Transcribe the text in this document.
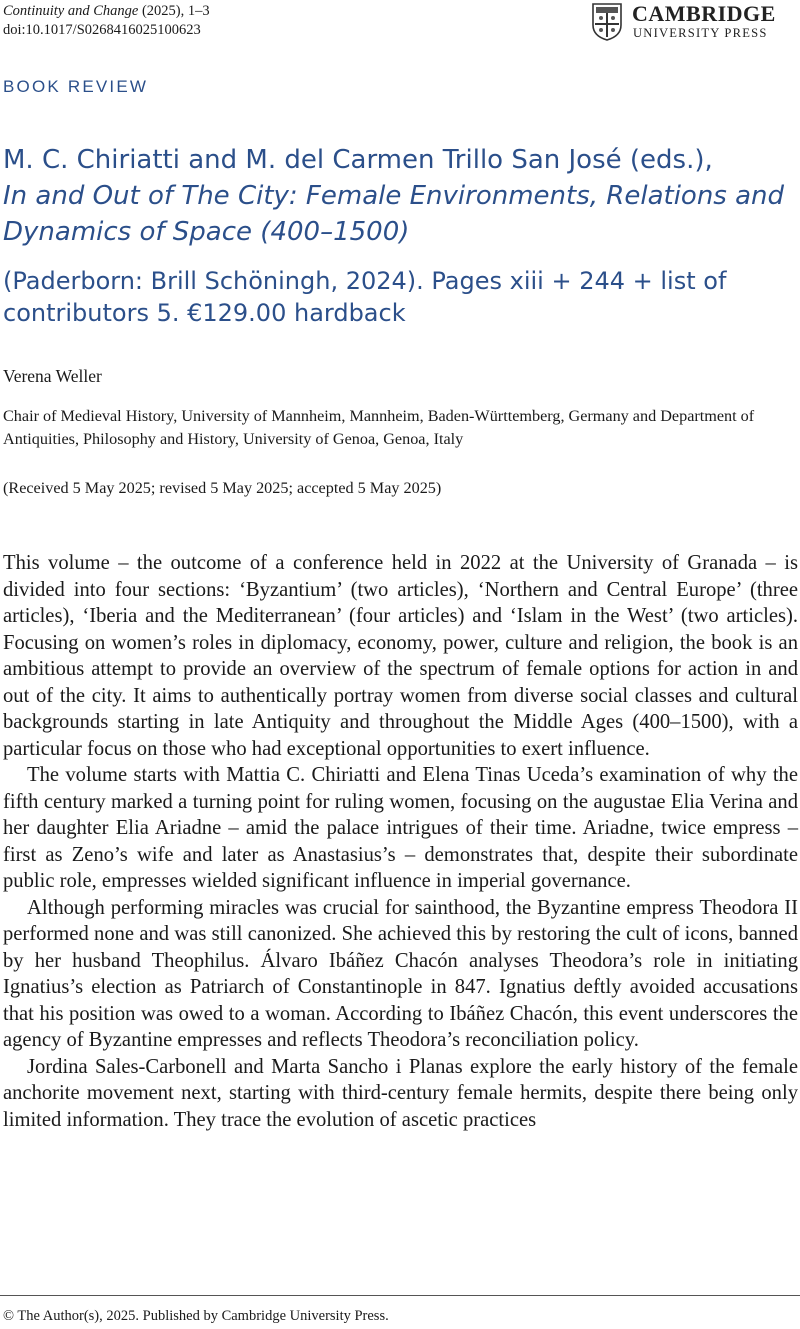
Continuity and Change (2025), 1–3
doi:10.1017/S0268416025100623
CAMBRIDGE
UNIVERSITY PRESS
BOOK REVIEW
M. C. Chiriatti and M. del Carmen Trillo San José (eds.),
In and Out of The City: Female Environments, Relations and Dynamics of Space (400–1500)
(Paderborn: Brill Schöningh, 2024). Pages xiii + 244 + list of contributors 5. €129.00 hardback
Verena Weller
Chair of Medieval History, University of Mannheim, Mannheim, Baden-Württemberg, Germany and Department of Antiquities, Philosophy and History, University of Genoa, Genoa, Italy
(Received 5 May 2025; revised 5 May 2025; accepted 5 May 2025)

This volume – the outcome of a conference held in 2022 at the University of Granada – is divided into four sections: ‘Byzantium’ (two articles), ‘Northern and Central Europe’ (three articles), ‘Iberia and the Mediterranean’ (four articles) and ‘Islam in the West’ (two articles). Focusing on women’s roles in diplomacy, economy, power, culture and religion, the book is an ambitious attempt to provide an overview of the spectrum of female options for action in and out of the city. It aims to authentically portray women from diverse social classes and cultural backgrounds starting in late Antiquity and throughout the Middle Ages (400–1500), with a particular focus on those who had exceptional opportunities to exert influence.

The volume starts with Mattia C. Chiriatti and Elena Tinas Uceda’s examination of why the fifth century marked a turning point for ruling women, focusing on the augustae Elia Verina and her daughter Elia Ariadne – amid the palace intrigues of their time. Ariadne, twice empress – first as Zeno’s wife and later as Anastasius’s – demonstrates that, despite their subordinate public role, empresses wielded significant influence in imperial governance.

Although performing miracles was crucial for sainthood, the Byzantine empress Theodora II performed none and was still canonized. She achieved this by restoring the cult of icons, banned by her husband Theophilus. Álvaro Ibáñez Chacón analyses Theodora’s role in initiating Ignatius’s election as Patriarch of Constantinople in 847. Ignatius deftly avoided accusations that his position was owed to a woman. According to Ibáñez Chacón, this event underscores the agency of Byzantine empresses and reflects Theodora’s reconciliation policy.

Jordina Sales-Carbonell and Marta Sancho i Planas explore the early history of the female anchorite movement next, starting with third-century female hermits, despite there being only limited information. They trace the evolution of ascetic practices

© The Author(s), 2025. Published by Cambridge University Press.
